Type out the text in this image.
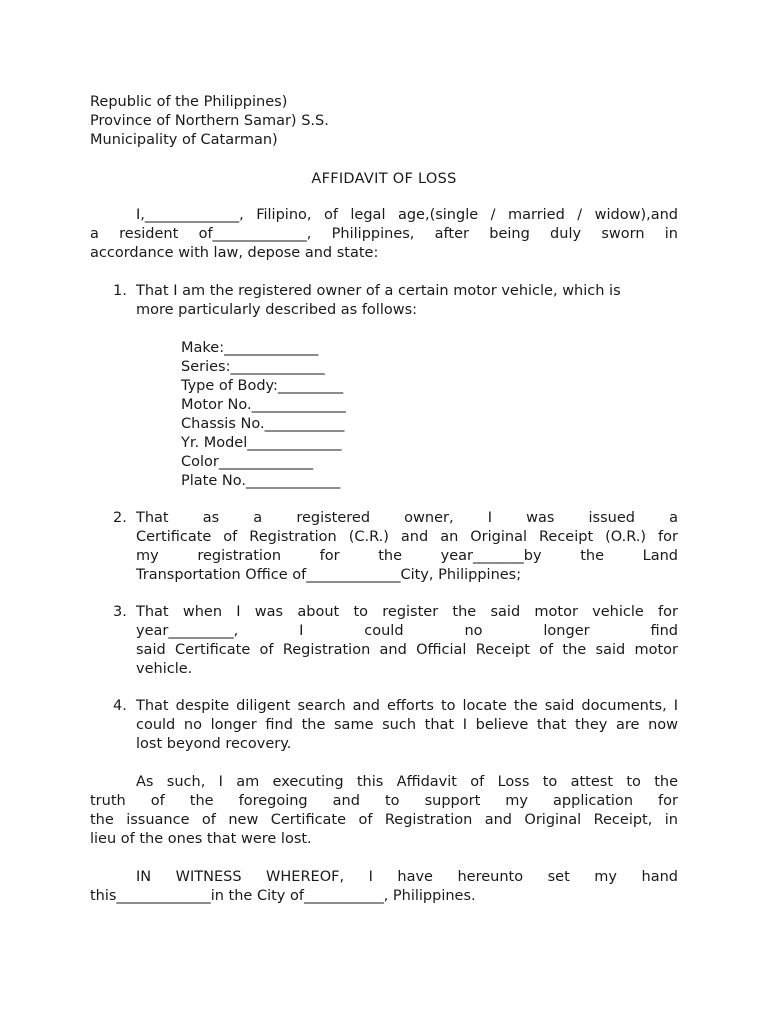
Republic of the Philippines)
Province of Northern Samar) S.S.
Municipality of Catarman)
AFFIDAVIT OF LOSS
I,_____________, Filipino, of legal age,(single / married / widow),and
a resident of_____________, Philippines, after being duly sworn in
accordance with law, depose and state:
1. That I am the registered owner of a certain motor vehicle, which is
more particularly described as follows:
Make:_____________
Series:_____________
Type of Body:_________
Motor No._____________
Chassis No.___________
Yr. Model_____________
Color_____________
Plate No._____________
2. That as a registered owner, I was issued a
Certificate of Registration (C.R.) and an Original Receipt (O.R.) for
my registration for the year_______by the Land
Transportation Office of_____________City, Philippines;
3. That when I was about to register the said motor vehicle for
year_________, I could no longer find
said Certificate of Registration and Official Receipt of the said motor
vehicle.
4. That despite diligent search and efforts to locate the said documents, I
could no longer find the same such that I believe that they are now
lost beyond recovery.
As such, I am executing this Affidavit of Loss to attest to the
truth of the foregoing and to support my application for
the issuance of new Certificate of Registration and Original Receipt, in
lieu of the ones that were lost.
IN WITNESS WHEREOF, I have hereunto set my hand
this_____________in the City of___________, Philippines.
